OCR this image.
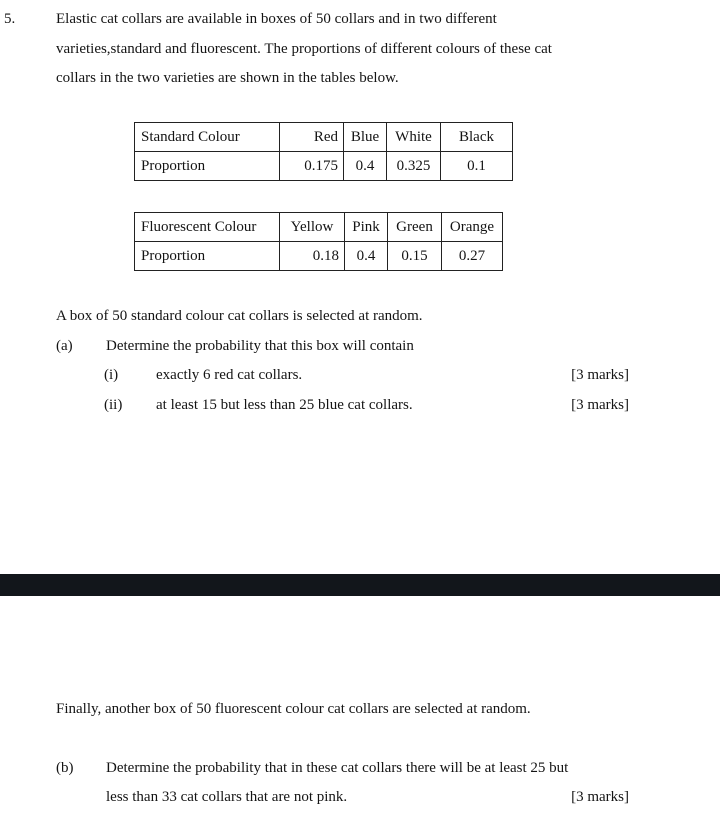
5.	Elastic cat collars are available in boxes of 50 collars and in two different
varieties,standard and fluorescent. The proportions of different colours of these cat
collars in the two varieties are shown in the tables below.
Standard Colour	Red	Blue	White	Black
Proportion	0.175	0.4	0.325	0.1
Fluorescent Colour	Yellow	Pink	Green	Orange
Proportion	0.18	0.4	0.15	0.27
A box of 50 standard colour cat collars is selected at random.
(a) Determine the probability that this box will contain
(i)	exactly 6 red cat collars.	[3 marks]
(ii) at least 15 but less than 25 blue cat collars.	[3 marks]
Finally, another box of 50 fluorescent colour cat collars are selected at random.
(b) Determine the probability that in these cat collars there will be at least 25 but
less than 33 cat collars that are not pink.	[3 marks]
